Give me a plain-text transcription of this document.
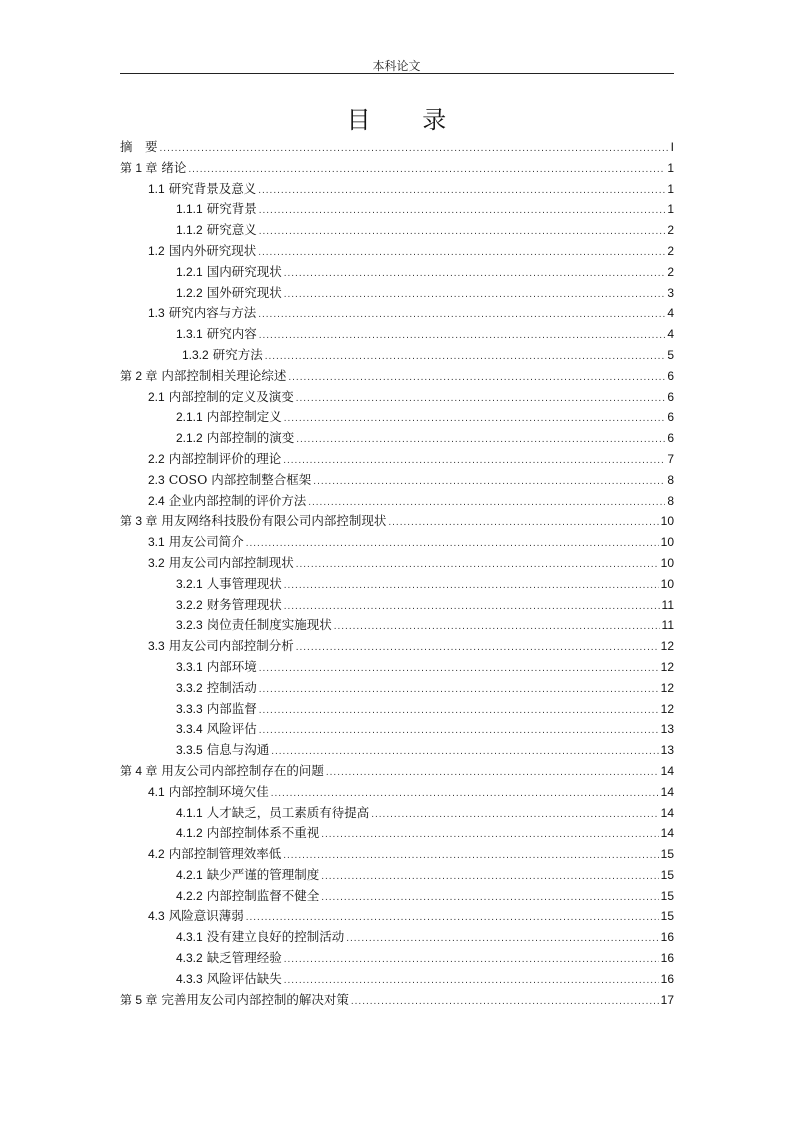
本科论文
目 录
摘　要 .....	I
第 1 章 绪论 .....	1
1.1 研究背景及意义 .....	1
1.1.1 研究背景 .....	1
1.1.2 研究意义 .....	2
1.2 国内外研究现状 .....	2
1.2.1 国内研究现状 .....	2
1.2.2 国外研究现状 .....	3
1.3 研究内容与方法 .....	4
1.3.1 研究内容 .....	4
1.3.2 研究方法 .....	5
第 2 章 内部控制相关理论综述 .....	6
2.1 内部控制的定义及演变 .....	6
2.1.1 内部控制定义 .....	6
2.1.2 内部控制的演变 .....	6
2.2 内部控制评价的理论 .....	7
2.3 COSO 内部控制整合框架 .....	8
2.4 企业内部控制的评价方法 .....	8
第 3 章 用友网络科技股份有限公司内部控制现状 .....	10
3.1 用友公司简介 .....	10
3.2 用友公司内部控制现状 .....	10
3.2.1 人事管理现状 .....	10
3.2.2 财务管理现状 .....	11
3.2.3 岗位责任制度实施现状 .....	11
3.3 用友公司内部控制分析 .....	12
3.3.1 内部环境 .....	12
3.3.2 控制活动 .....	12
3.3.3 内部监督 .....	12
3.3.4 风险评估 .....	13
3.3.5 信息与沟通 .....	13
第 4 章 用友公司内部控制存在的问题 .....	14
4.1 内部控制环境欠佳 .....	14
4.1.1 人才缺乏，员工素质有待提高 .....	14
4.1.2 内部控制体系不重视 .....	14
4.2 内部控制管理效率低 .....	15
4.2.1 缺少严谨的管理制度 .....	15
4.2.2 内部控制监督不健全 .....	15
4.3 风险意识薄弱 .....	15
4.3.1 没有建立良好的控制活动 .....	16
4.3.2 缺乏管理经验 .....	16
4.3.3 风险评估缺失 .....	16
第 5 章 完善用友公司内部控制的解决对策 .....	17
